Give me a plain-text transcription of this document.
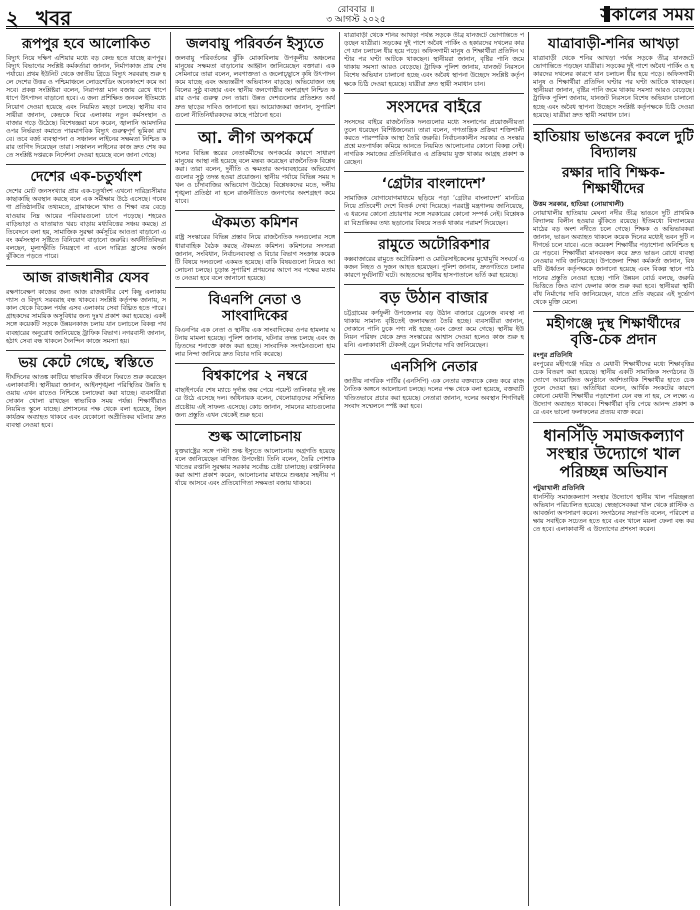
২ খবর	রোববার ॥
৩ আগস্ট ২০২৫	সকালের সময়
রূপপুর হবে আলোকিত

বিদ্যুৎ নিয়ে দক্ষিণ এশিয়ার মধ্যে বড় কেন্দ্র হতে যাচ্ছে রূপপুর। বিদ্যুৎ বিভাগের সংশ্লিষ্ট কর্মকর্তারা জানান, নির্মাণকাজ প্রায় শেষ পর্যায়ে। প্রথম ইউনিট থেকে জাতীয় গ্রিডে বিদ্যুৎ সরবরাহ শুরু হলে দেশের উত্তর ও পশ্চিমাঞ্চলে লোডশেডিং অনেকাংশে কমে আসবে। প্রকল্প সংশ্লিষ্টরা বলেন, নিরাপত্তা মান বজায় রেখে ধাপে ধাপে উৎপাদন বাড়ানো হবে। এ জন্য প্রশিক্ষিত জনবল ইতিমধ্যে নিয়োগ দেওয়া হয়েছে এবং নিয়মিত মহড়া চলছে। স্থানীয় ব্যবসায়ীরা জানান, কেন্দ্রকে ঘিরে এলাকায় নতুন কর্মসংস্থান ও বাজার গড়ে উঠেছে। বিশেষজ্ঞরা মনে করেন, জ্বালানি আমদানির ওপর নির্ভরতা কমাতে পারমাণবিক বিদ্যুৎ গুরুত্বপূর্ণ ভূমিকা রাখবে। তবে বর্জ্য ব্যবস্থাপনা ও সঞ্চালন লাইনের সক্ষমতা নিশ্চিত করার তাগিদ দিয়েছেন তারা। সঞ্চালন লাইনের কাজ দ্রুত শেষ করতে সংশ্লিষ্ট দপ্তরকে নির্দেশনা দেওয়া হয়েছে বলে জানা গেছে।

দেশের এক-চতুর্থাংশ

দেশের মোট জনসংখ্যার প্রায় এক-চতুর্থাংশ এখনো দারিদ্র্যসীমার কাছাকাছি অবস্থান করছে বলে এক সমীক্ষায় উঠে এসেছে। গবেষণা প্রতিষ্ঠানটির তথ্যমতে, গ্রামাঞ্চলে খাদ্য ও শিক্ষা ব্যয় বেড়ে যাওয়ায় নিম্ন আয়ের পরিবারগুলো চাপে পড়েছে। শহরেও বাড়িভাড়া ও যাতায়াত খরচ বাড়ায় মধ্যবিত্তের সঞ্চয় কমছে। প্রতিবেদনে বলা হয়, সামাজিক সুরক্ষা কর্মসূচির আওতা বাড়ানো এবং কর্মসংস্থান সৃষ্টিতে বিনিয়োগ বাড়ানো জরুরি। অর্থনীতিবিদরা বলছেন, মূল্যস্ফীতি নিয়ন্ত্রণে না এলে দারিদ্র্য হ্রাসের অর্জন ঝুঁকিতে পড়তে পারে।

আজ রাজধানীর যেসব

রক্ষণাবেক্ষণ কাজের জন্য আজ রাজধানীর বেশ কিছু এলাকায় গ্যাস ও বিদ্যুৎ সরবরাহ বন্ধ থাকবে। সংশ্লিষ্ট কর্তৃপক্ষ জানায়, সকাল থেকে বিকেল পর্যন্ত এসব এলাকায় সেবা বিঘ্নিত হতে পারে। গ্রাহকদের সাময়িক অসুবিধার জন্য দুঃখ প্রকাশ করা হয়েছে। একই সঙ্গে কয়েকটি সড়কে উন্নয়নকাজ চলায় যান চলাচলে বিকল্প পথ ব্যবহারের অনুরোধ জানিয়েছে ট্রাফিক বিভাগ। নগরবাসী জানান, হঠাৎ সেবা বন্ধ থাকলে দৈনন্দিন কাজে সমস্যা হয়।

ভয় কেটে গেছে, স্বস্তিতে

দীর্ঘদিনের আতঙ্ক কাটিয়ে স্বাভাবিক জীবনে ফিরতে শুরু করেছেন এলাকাবাসী। স্থানীয়রা জানান, আইনশৃঙ্খলা পরিস্থিতির উন্নতি হওয়ায় এখন রাতেও নিশ্চিন্তে চলাফেরা করা যাচ্ছে। ব্যবসায়ীরা দোকান খোলা রাখছেন স্বাভাবিক সময় পর্যন্ত। শিক্ষার্থীরাও নিয়মিত স্কুলে যাচ্ছে। প্রশাসনের পক্ষ থেকে বলা হয়েছে, টহল কার্যক্রম অব্যাহত থাকবে এবং যেকোনো অপ্রীতিকর ঘটনায় দ্রুত ব্যবস্থা নেওয়া হবে।

জলবায়ু পরিবর্তন ইস্যুতে

জলবায়ু পরিবর্তনের ঝুঁকি মোকাবিলায় উপকূলীয় অঞ্চলের মানুষের সক্ষমতা বাড়ানোর আহ্বান জানিয়েছেন বক্তারা। এক সেমিনারে তারা বলেন, লবণাক্ততা ও জলোচ্ছ্বাসে কৃষি উৎপাদন কমে যাচ্ছে এবং অভ্যন্তরীণ অভিবাসন বাড়ছে। অভিযোজন তহবিলের সুষ্ঠু ব্যবহার এবং স্থানীয় জনগোষ্ঠীর অংশগ্রহণ নিশ্চিত করার ওপর গুরুত্ব দেন তারা। উন্নত দেশগুলোর প্রতিশ্রুত অর্থ দ্রুত ছাড়ের দাবিও জানানো হয়। আয়োজকরা জানান, সুপারিশগুলো নীতিনির্ধারকদের কাছে পাঠানো হবে।

আ. লীগ অপকর্মে

দলের বিভিন্ন স্তরের নেতাকর্মীদের অপকর্মের কারণে সাধারণ মানুষের আস্থা নষ্ট হয়েছে বলে মন্তব্য করেছেন রাজনৈতিক বিশ্লেষকরা। তারা বলেন, দুর্নীতি ও ক্ষমতার অপব্যবহারের অভিযোগগুলোর সুষ্ঠু তদন্ত হওয়া প্রয়োজন। স্থানীয় পর্যায়ে বিভিন্ন সময় দখল ও চাঁদাবাজির অভিযোগ উঠেছে। বিশ্লেষকদের মতে, দলীয় শৃঙ্খলা প্রতিষ্ঠা না হলে রাজনীতিতে জনগণের অংশগ্রহণ কমে যাবে।

ঐকমত্য কমিশন

রাষ্ট্র সংস্কারের বিভিন্ন প্রস্তাব নিয়ে রাজনৈতিক দলগুলোর সঙ্গে ধারাবাহিক বৈঠক করছে ঐকমত্য কমিশন। কমিশনের সদস্যরা জানান, সংবিধান, নির্বাচনব্যবস্থা ও বিচার বিভাগ সংক্রান্ত কয়েকটি বিষয়ে দলগুলো একমত হয়েছে। বাকি বিষয়গুলো নিয়েও আলোচনা চলছে। চূড়ান্ত সুপারিশ প্রণয়নের আগে সব পক্ষের মতামত নেওয়া হবে বলে জানানো হয়েছে।

বিএনপি নেতা ও সাংবাদিকের

বিএনপির এক নেতা ও স্থানীয় এক সাংবাদিকের ওপর হামলার ঘটনায় মামলা হয়েছে। পুলিশ জানায়, ঘটনার তদন্ত চলছে এবং জড়িতদের শনাক্তে কাজ করা হচ্ছে। সাংবাদিক সংগঠনগুলো হামলার নিন্দা জানিয়ে দ্রুত বিচার দাবি করেছে।

বিশ্বকাপের ২ নম্বরে

বাছাইপর্বের শেষ ম্যাচে দুর্দান্ত জয় পেয়ে পয়েন্ট তালিকার দুই নম্বরে উঠে এসেছে দল। অধিনায়ক বলেন, খেলোয়াড়দের সম্মিলিত প্রচেষ্টায় এই সাফল্য এসেছে। কোচ জানান, সামনের ম্যাচগুলোর জন্য প্রস্তুতি এখন থেকেই শুরু হবে।

শুল্ক আলোচনায়

যুক্তরাষ্ট্রের সঙ্গে পাল্টা শুল্ক ইস্যুতে আলোচনায় অগ্রগতি হয়েছে বলে জানিয়েছেন বাণিজ্য উপদেষ্টা। তিনি বলেন, তৈরি পোশাক খাতের রপ্তানি সুরক্ষায় সরকার সর্বোচ্চ চেষ্টা চালাচ্ছে। রপ্তানিকারকরা আশা প্রকাশ করেন, আলোচনার মাধ্যমে শুল্কহার সহনীয় পর্যায়ে আসবে এবং প্রতিযোগিতা সক্ষমতা বজায় থাকবে।

যাত্রাবাড়ী থেকে শনির আখড়া পর্যন্ত সড়কে তীব্র যানজটে ভোগান্তিতে পড়ছেন যাত্রীরা। সড়কের দুই পাশে অবৈধ পার্কিং ও হকারদের দখলের কারণে যান চলাচল ধীর হয়ে পড়ে। অফিসগামী মানুষ ও শিক্ষার্থীরা প্রতিদিন ঘণ্টার পর ঘণ্টা আটকে থাকছেন। স্থানীয়রা জানান, বৃষ্টির পানি জমে থাকায় সমস্যা আরও বেড়েছে। ট্রাফিক পুলিশ জানায়, যানজট নিরসনে বিশেষ অভিযান চালানো হচ্ছে এবং অবৈধ স্থাপনা উচ্ছেদে সংশ্লিষ্ট কর্তৃপক্ষকে চিঠি দেওয়া হয়েছে। যাত্রীরা দ্রুত স্থায়ী সমাধান চান।

সংসদের বাইরে

সংসদের বাইরে রাজনৈতিক দলগুলোর মধ্যে সংলাপের প্রয়োজনীয়তা তুলে ধরেছেন বিশিষ্টজনেরা। তারা বলেন, গণতান্ত্রিক প্রক্রিয়া শক্তিশালী করতে পারস্পরিক আস্থা তৈরি জরুরি। নির্বাচনকালীন সরকার ও সংস্কার প্রশ্নে মতপার্থক্য কমিয়ে আনতে নিয়মিত আলোচনার কোনো বিকল্প নেই। নাগরিক সমাজের প্রতিনিধিরাও এ প্রক্রিয়ায় যুক্ত থাকার আগ্রহ প্রকাশ করেছেন।

‘গ্রেটার বাংলাদেশ’

সামাজিক যোগাযোগমাধ্যমে ছড়িয়ে পড়া ‘গ্রেটার বাংলাদেশ’ মানচিত্র নিয়ে প্রতিবেশী দেশে বিতর্ক দেখা দিয়েছে। পররাষ্ট্র মন্ত্রণালয় জানিয়েছে, এ ধরনের কোনো প্রচারণার সঙ্গে সরকারের কোনো সম্পর্ক নেই। বিশ্লেষকরা বিভ্রান্তিকর তথ্য ছড়ানোর বিষয়ে সতর্ক থাকার পরামর্শ দিয়েছেন।

রামুতে অটোরিকশার

কক্সবাজারের রামুতে অটোরিকশা ও মোটরসাইকেলের মুখোমুখি সংঘর্ষে একজন নিহত ও দুজন আহত হয়েছেন। পুলিশ জানায়, দ্রুতগতিতে চলার কারণে দুর্ঘটনাটি ঘটে। আহতদের স্থানীয় হাসপাতালে ভর্তি করা হয়েছে।

বড় উঠান বাজার

চট্টগ্রামের কর্ণফুলী উপজেলার বড় উঠান বাজারে ড্রেনেজ ব্যবস্থা না থাকায় সামান্য বৃষ্টিতেই জলাবদ্ধতা তৈরি হচ্ছে। ব্যবসায়ীরা জানান, দোকানে পানি ঢুকে পণ্য নষ্ট হচ্ছে এবং ক্রেতা কমে গেছে। স্থানীয় ইউনিয়ন পরিষদ থেকে দ্রুত সংস্কারের আশ্বাস দেওয়া হলেও কাজ শুরু হয়নি। এলাকাবাসী টেকসই ড্রেন নির্মাণের দাবি জানিয়েছেন।

এনসিপি নেতার

জাতীয় নাগরিক পার্টির (এনসিপি) এক নেতার বক্তব্যকে কেন্দ্র করে রাজনৈতিক অঙ্গনে আলোচনা চলছে। দলের পক্ষ থেকে বলা হয়েছে, বক্তব্যটি খণ্ডিতভাবে প্রচার করা হয়েছে। নেতারা জানান, দলের অবস্থান শিগগিরই সংবাদ সম্মেলনে স্পষ্ট করা হবে।

যাত্রাবাড়ী-শনির আখড়া

যাত্রাবাড়ী থেকে শনির আখড়া পর্যন্ত সড়কে তীব্র যানজটে ভোগান্তিতে পড়ছেন যাত্রীরা। সড়কের দুই পাশে অবৈধ পার্কিং ও হকারদের দখলের কারণে যান চলাচল ধীর হয়ে পড়ে। অফিসগামী মানুষ ও শিক্ষার্থীরা প্রতিদিন ঘণ্টার পর ঘণ্টা আটকে থাকছেন। স্থানীয়রা জানান, বৃষ্টির পানি জমে থাকায় সমস্যা আরও বেড়েছে। ট্রাফিক পুলিশ জানায়, যানজট নিরসনে বিশেষ অভিযান চালানো হচ্ছে এবং অবৈধ স্থাপনা উচ্ছেদে সংশ্লিষ্ট কর্তৃপক্ষকে চিঠি দেওয়া হয়েছে। যাত্রীরা দ্রুত স্থায়ী সমাধান চান।

হাতিয়ায় ভাঙনের কবলে দুটি বিদ্যালয়
রক্ষার দাবি শিক্ষক-শিক্ষার্থীদের
উত্তম সরকার, হাতিয়া (নোয়াখালী)

নোয়াখালীর হাতিয়ায় মেঘনা নদীর তীব্র ভাঙনে দুটি প্রাথমিক বিদ্যালয় বিলীন হওয়ার ঝুঁকিতে রয়েছে। ইতিমধ্যে বিদ্যালয়ের মাঠের বড় অংশ নদীতে চলে গেছে। শিক্ষক ও অভিভাবকরা জানান, ভাঙন অব্যাহত থাকলে কয়েক দিনের মধ্যেই ভবন দুটি নদীগর্ভে চলে যাবে। এতে কয়েকশ শিক্ষার্থীর পড়াশোনা অনিশ্চিত হয়ে পড়বে। শিক্ষার্থীরা মানববন্ধন করে দ্রুত ভাঙন রোধে ব্যবস্থা নেওয়ার দাবি জানিয়েছে। উপজেলা শিক্ষা কর্মকর্তা জানান, বিষয়টি ঊর্ধ্বতন কর্তৃপক্ষকে জানানো হয়েছে এবং বিকল্প স্থানে পাঠদানের প্রস্তুতি নেওয়া হচ্ছে। পানি উন্নয়ন বোর্ড বলছে, জরুরি ভিত্তিতে জিও ব্যাগ ফেলার কাজ শুরু করা হবে। স্থানীয়রা স্থায়ী বাঁধ নির্মাণের দাবি জানিয়েছেন, যাতে প্রতি বছরের এই দুর্ভোগ থেকে মুক্তি মেলে।

মহীগঞ্জে দুস্থ শিক্ষার্থীদের বৃত্তি-চেক প্রদান
রংপুর প্রতিনিধি

রংপুরের মহীগঞ্জে দরিদ্র ও মেধাবী শিক্ষার্থীদের মধ্যে শিক্ষাবৃত্তির চেক বিতরণ করা হয়েছে। স্থানীয় একটি সামাজিক সংগঠনের উদ্যোগে আয়োজিত অনুষ্ঠানে অর্ধশতাধিক শিক্ষার্থীর হাতে চেক তুলে দেওয়া হয়। অতিথিরা বলেন, আর্থিক সংকটের কারণে কোনো মেধাবী শিক্ষার্থীর পড়াশোনা যেন বন্ধ না হয়, সে লক্ষ্যে এ উদ্যোগ অব্যাহত থাকবে। শিক্ষার্থীরা বৃত্তি পেয়ে আনন্দ প্রকাশ করে এবং ভালো ফলাফলের প্রত্যয় ব্যক্ত করে।

ধানসিঁড়ি সমাজকল্যাণ সংস্থার উদ্যোগে খাল পরিচ্ছন্ন অভিযান
পটুয়াখালী প্রতিনিধি

ধানসিঁড়ি সমাজকল্যাণ সংস্থার উদ্যোগে স্থানীয় খাল পরিচ্ছন্নতা অভিযান পরিচালিত হয়েছে। স্বেচ্ছাসেবকরা খাল থেকে প্লাস্টিক ও আবর্জনা অপসারণ করেন। সংগঠনের সভাপতি বলেন, পরিবেশ রক্ষায় সবাইকে সচেতন হতে হবে এবং খালে ময়লা ফেলা বন্ধ করতে হবে। এলাকাবাসী এ উদ্যোগের প্রশংসা করেন।
